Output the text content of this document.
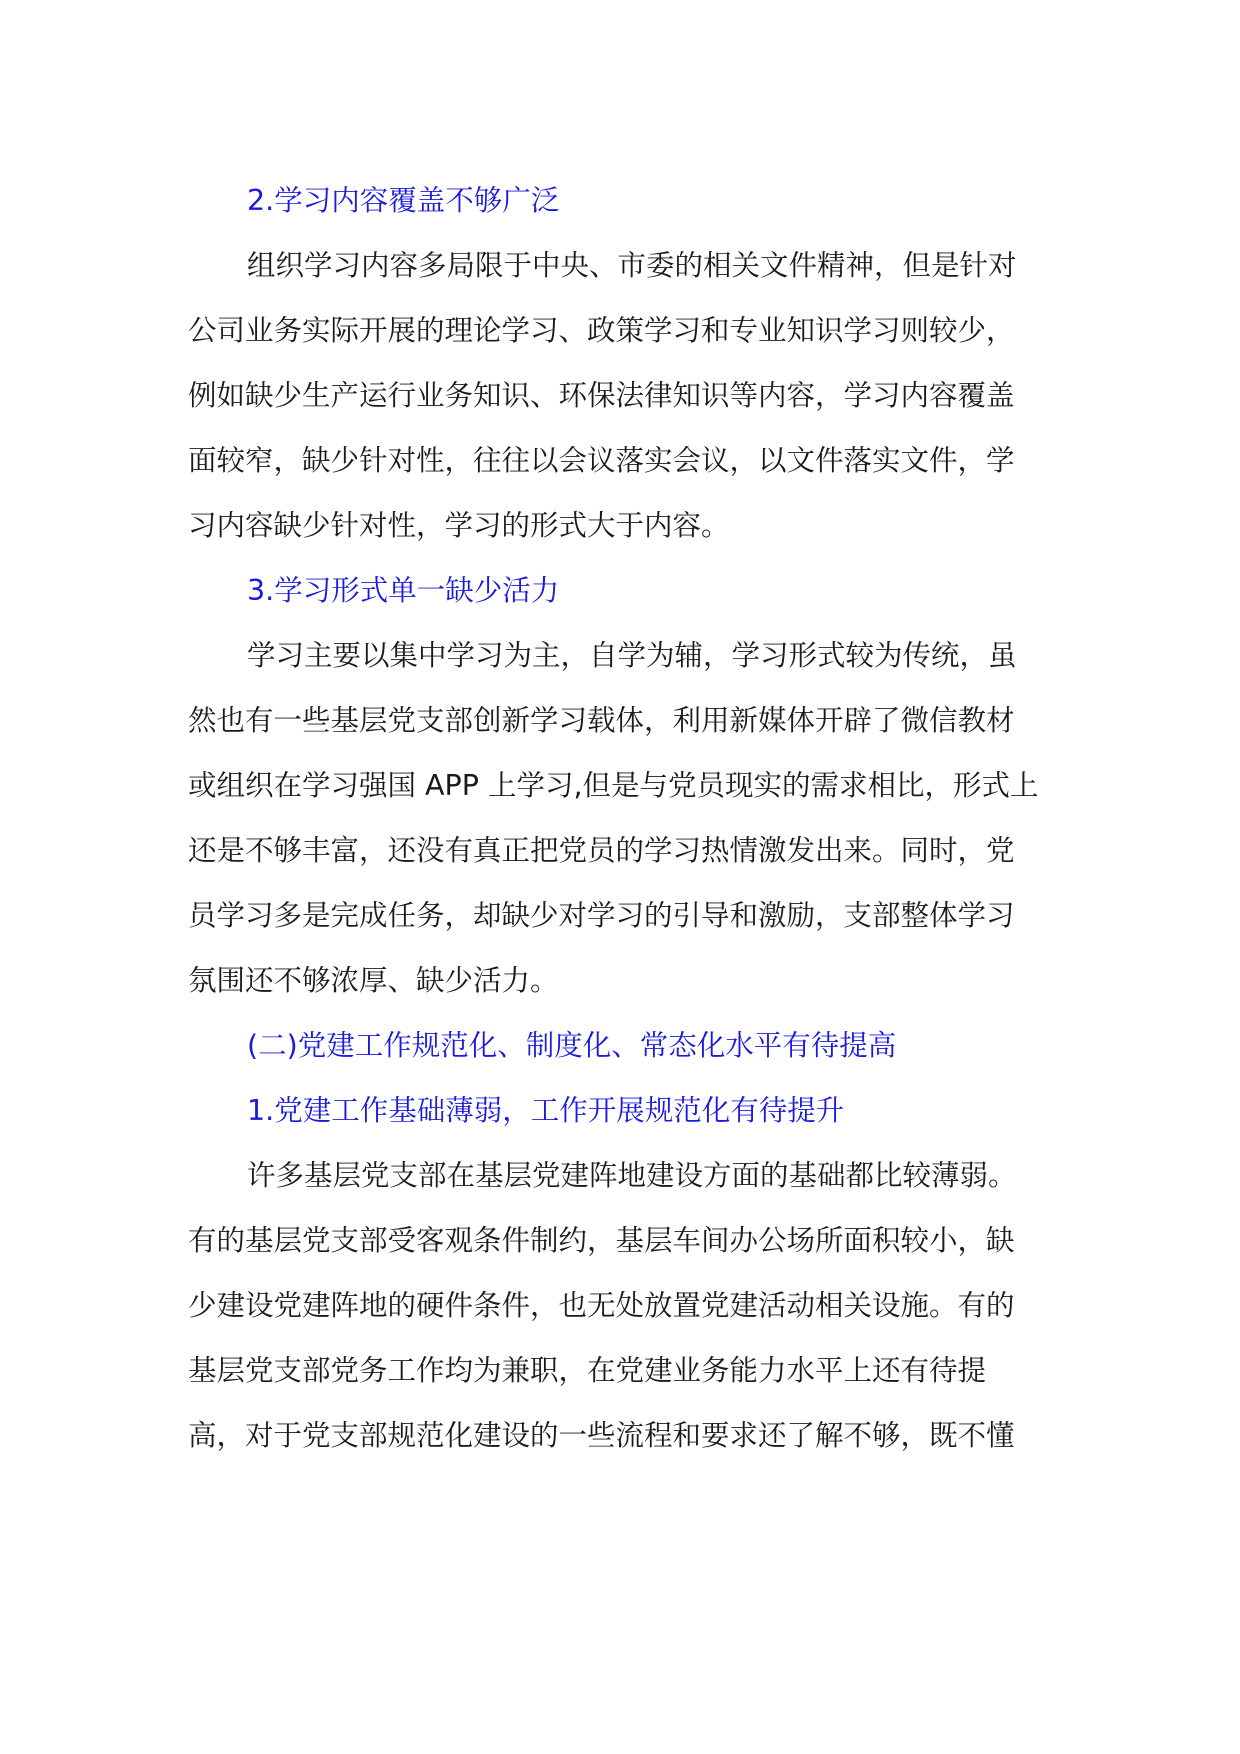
2.学习内容覆盖不够广泛

组织学习内容多局限于中央、市委的相关文件精神，但是针对
公司业务实际开展的理论学习、政策学习和专业知识学习则较少，
例如缺少生产运行业务知识、环保法律知识等内容，学习内容覆盖
面较窄，缺少针对性，往往以会议落实会议，以文件落实文件，学
习内容缺少针对性，学习的形式大于内容。

3.学习形式单一缺少活力

学习主要以集中学习为主，自学为辅，学习形式较为传统，虽
然也有一些基层党支部创新学习载体，利用新媒体开辟了微信教材
或组织在学习强国 APP 上学习,但是与党员现实的需求相比，形式上
还是不够丰富，还没有真正把党员的学习热情激发出来。同时，党
员学习多是完成任务，却缺少对学习的引导和激励，支部整体学习
氛围还不够浓厚、缺少活力。

(二)党建工作规范化、制度化、常态化水平有待提高

1.党建工作基础薄弱，工作开展规范化有待提升

许多基层党支部在基层党建阵地建设方面的基础都比较薄弱。
有的基层党支部受客观条件制约，基层车间办公场所面积较小，缺
少建设党建阵地的硬件条件，也无处放置党建活动相关设施。有的
基层党支部党务工作均为兼职，在党建业务能力水平上还有待提
高，对于党支部规范化建设的一些流程和要求还了解不够，既不懂
